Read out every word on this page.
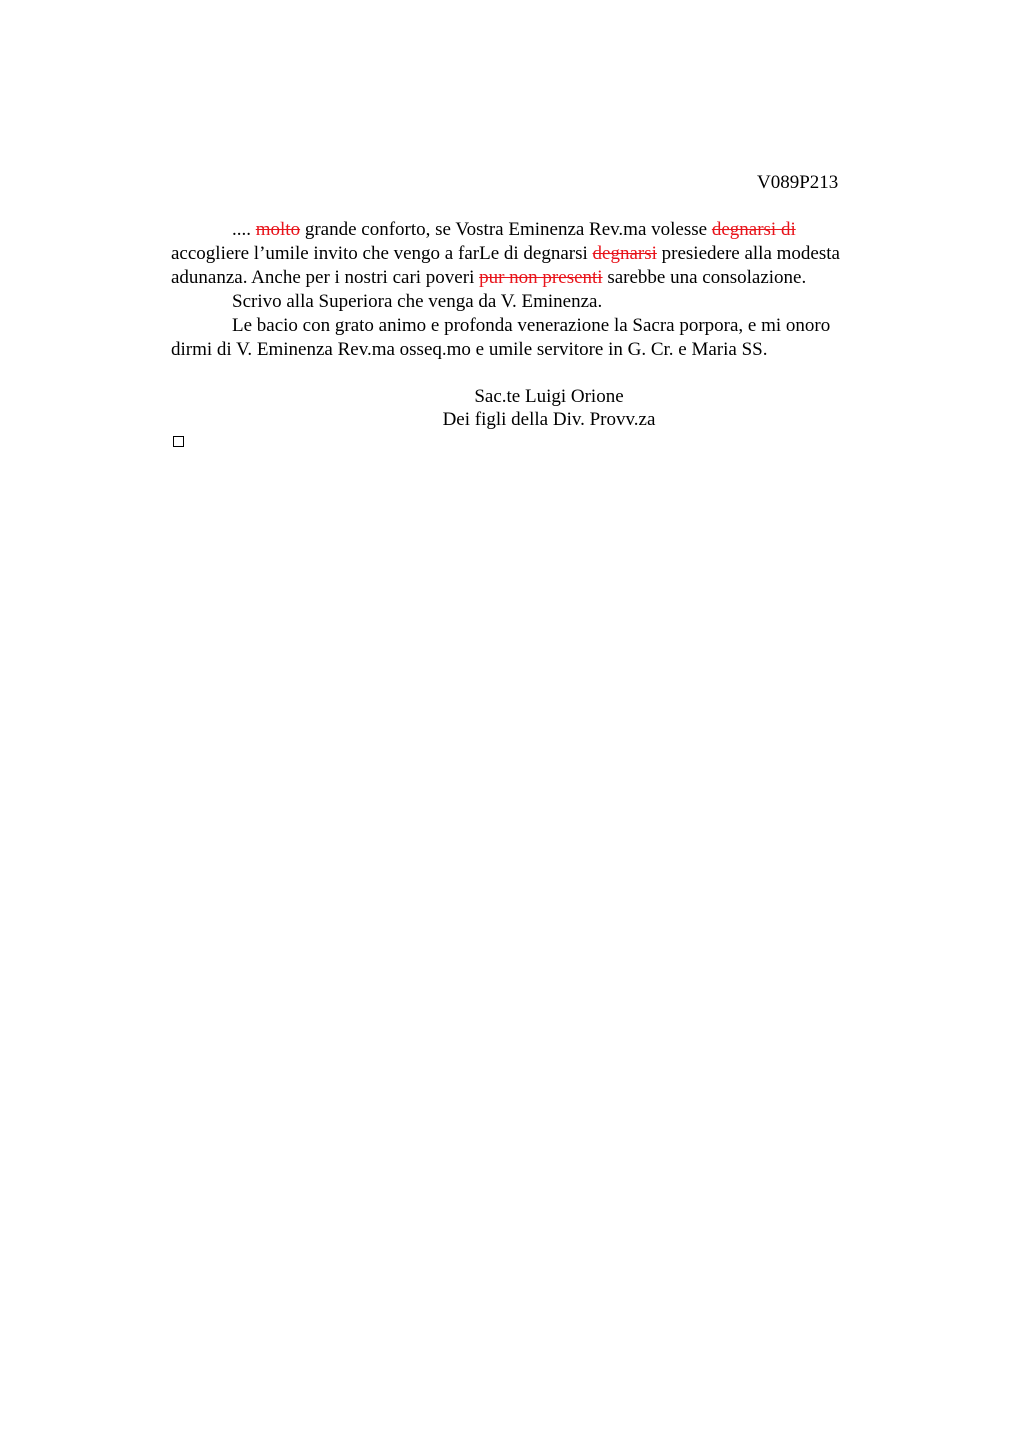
V089P213
.... molto grande conforto, se Vostra Eminenza Rev.ma volesse degnarsi di
accogliere l’umile invito che vengo a farLe di degnarsi degnarsi presiedere alla modesta
adunanza. Anche per i nostri cari poveri pur non presenti sarebbe una consolazione.
Scrivo alla Superiora che venga da V. Eminenza.
Le bacio con grato animo e profonda venerazione la Sacra porpora, e mi onoro
dirmi di V. Eminenza Rev.ma osseq.mo e umile servitore in G. Cr. e Maria SS.
Sac.te Luigi Orione
Dei figli della Div. Provv.za
